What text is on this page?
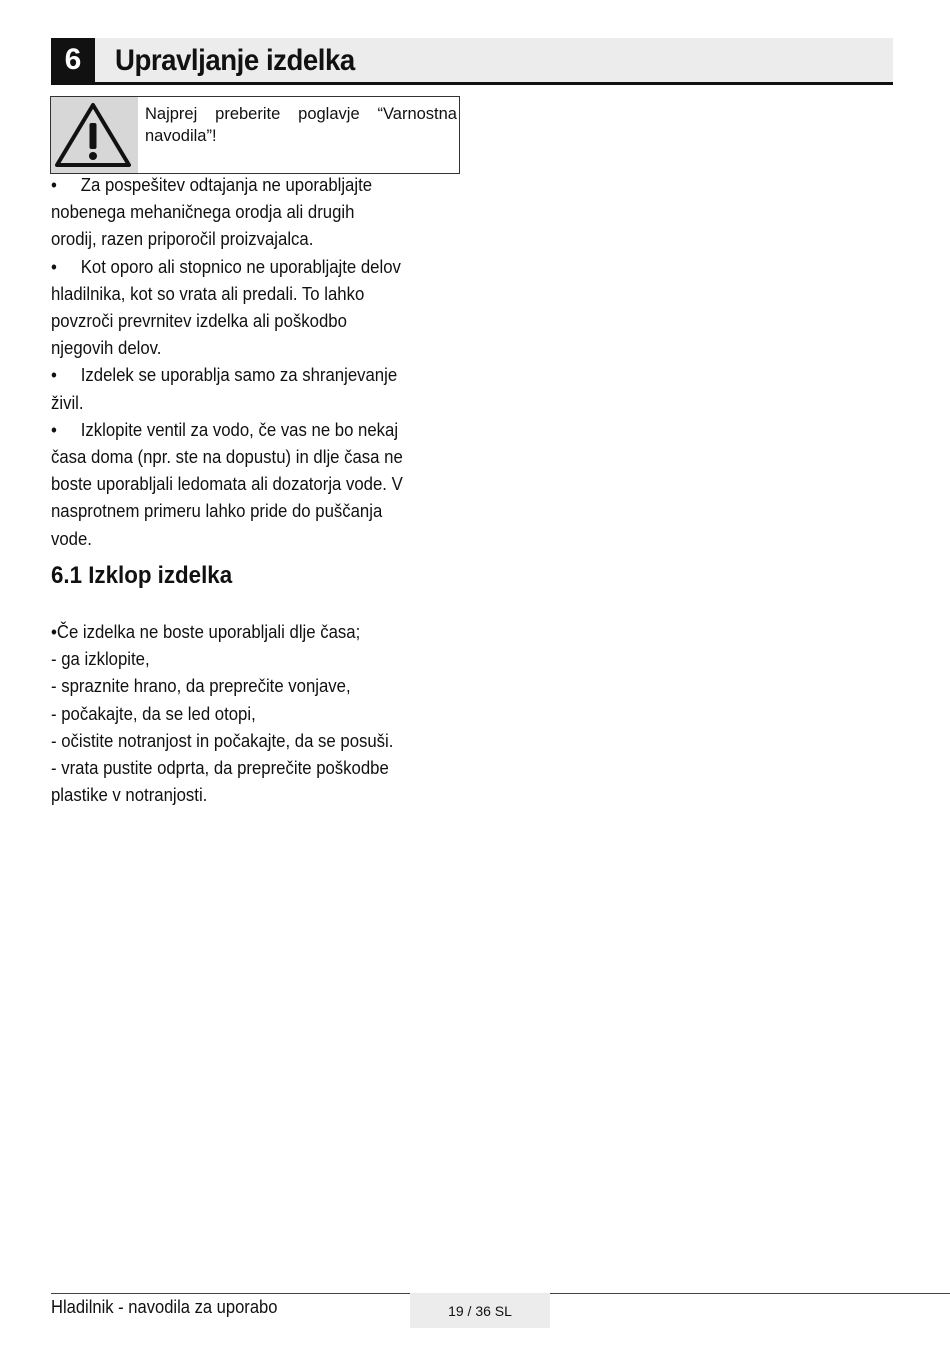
6	Upravljanje izdelka
Najprej preberite poglavje “Varnostna navodila”!

• Za pospešitev odtajanja ne uporabljajte nobenega mehaničnega orodja ali drugih orodij, razen priporočil proizvajalca.

• Kot oporo ali stopnico ne uporabljajte delov hladilnika, kot so vrata ali predali. To lahko povzroči prevrnitev izdelka ali poškodbo njegovih delov.

• Izdelek se uporablja samo za shranjevanje živil.

• Izklopite ventil za vodo, če vas ne bo nekaj časa doma (npr. ste na dopustu) in dlje časa ne boste uporabljali ledomata ali dozatorja vode. V nasprotnem primeru lahko pride do puščanja vode.

6.1 Izklop izdelka

•Če izdelka ne boste uporabljali dlje časa;

- ga izklopite,

- spraznite hrano, da preprečite vonjave,

- počakajte, da se led otopi,

- očistite notranjost in počakajte, da se posuši.

- vrata pustite odprta, da preprečite poškodbe plastike v notranjosti.

Hladilnik - navodila za uporabo	19 / 36 SL
